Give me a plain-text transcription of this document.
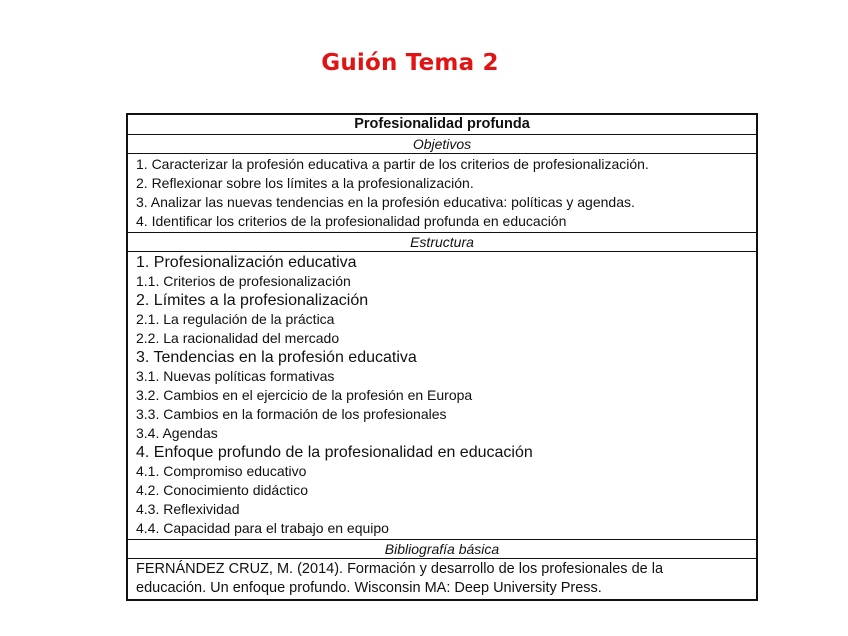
Guión Tema 2
Profesionalidad profunda
Objetivos
1. Caracterizar la profesión educativa a partir de los criterios de profesionalización.
2. Reflexionar sobre los límites a la profesionalización.
3. Analizar las nuevas tendencias en la profesión educativa: políticas y agendas.
4. Identificar los criterios de la profesionalidad profunda en educación
Estructura
1. Profesionalización educativa
1.1. Criterios de profesionalización
2. Límites a la profesionalización
2.1. La regulación de la práctica
2.2. La racionalidad del mercado
3. Tendencias en la profesión educativa
3.1. Nuevas políticas formativas
3.2. Cambios en el ejercicio de la profesión en Europa
3.3. Cambios en la formación de los profesionales
3.4. Agendas
4. Enfoque profundo de la profesionalidad en educación
4.1. Compromiso educativo
4.2. Conocimiento didáctico
4.3. Reflexividad
4.4. Capacidad para el trabajo en equipo
Bibliografía básica
FERNÁNDEZ CRUZ, M. (2014). Formación y desarrollo de los profesionales de la
educación. Un enfoque profundo. Wisconsin MA: Deep University Press.
